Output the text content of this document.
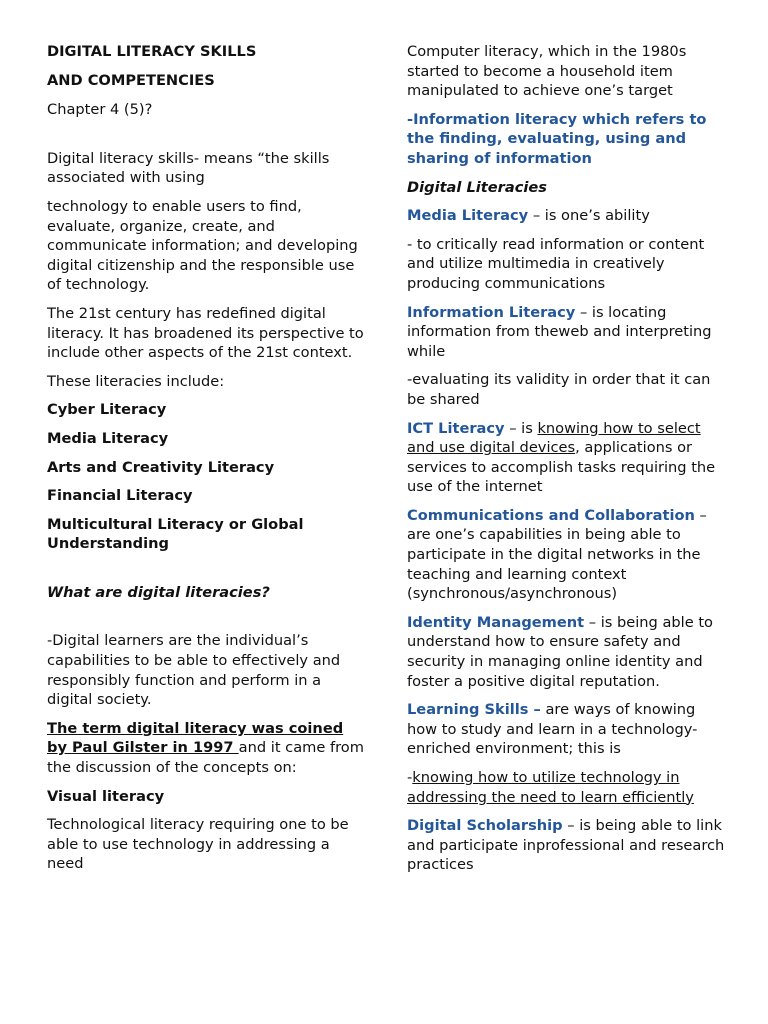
DIGITAL LITERACY SKILLS

AND COMPETENCIES

Chapter 4 (5)?

Digital literacy skills- means “the skills associated with using

technology to enable users to find, evaluate, organize, create, and communicate information; and developing digital citizenship and the responsible use of technology.

The 21st century has redefined digital literacy. It has broadened its perspective to include other aspects of the 21st context.

These literacies include:

Cyber Literacy

Media Literacy

Arts and Creativity Literacy

Financial Literacy

Multicultural Literacy or Global Understanding

What are digital literacies?

-Digital learners are the individual’s capabilities to be able to effectively and responsibly function and perform in a digital society.

The term digital literacy was coined by Paul Gilster in 1997 and it came from the discussion of the concepts on:

Visual literacy

Technological literacy requiring one to be able to use technology in addressing a need

Computer literacy, which in the 1980s started to become a household item manipulated to achieve one’s target

-Information literacy which refers to the finding, evaluating, using and sharing of information

Digital Literacies

Media Literacy – is one’s ability

- to critically read information or content and utilize multimedia in creatively producing communications

Information Literacy – is locating information from theweb and interpreting while

-evaluating its validity in order that it can be shared

ICT Literacy – is knowing how to select and use digital devices, applications or services to accomplish tasks requiring the use of the internet

Communications and Collaboration – are one’s capabilities in being able to participate in the digital networks in the teaching and learning context (synchronous/asynchronous)

Identity Management – is being able to understand how to ensure safety and security in managing online identity and foster a positive digital reputation.

Learning Skills – are ways of knowing how to study and learn in a technology-enriched environment; this is

-knowing how to utilize technology in addressing the need to learn efficiently

Digital Scholarship – is being able to link and participate inprofessional and research practices
